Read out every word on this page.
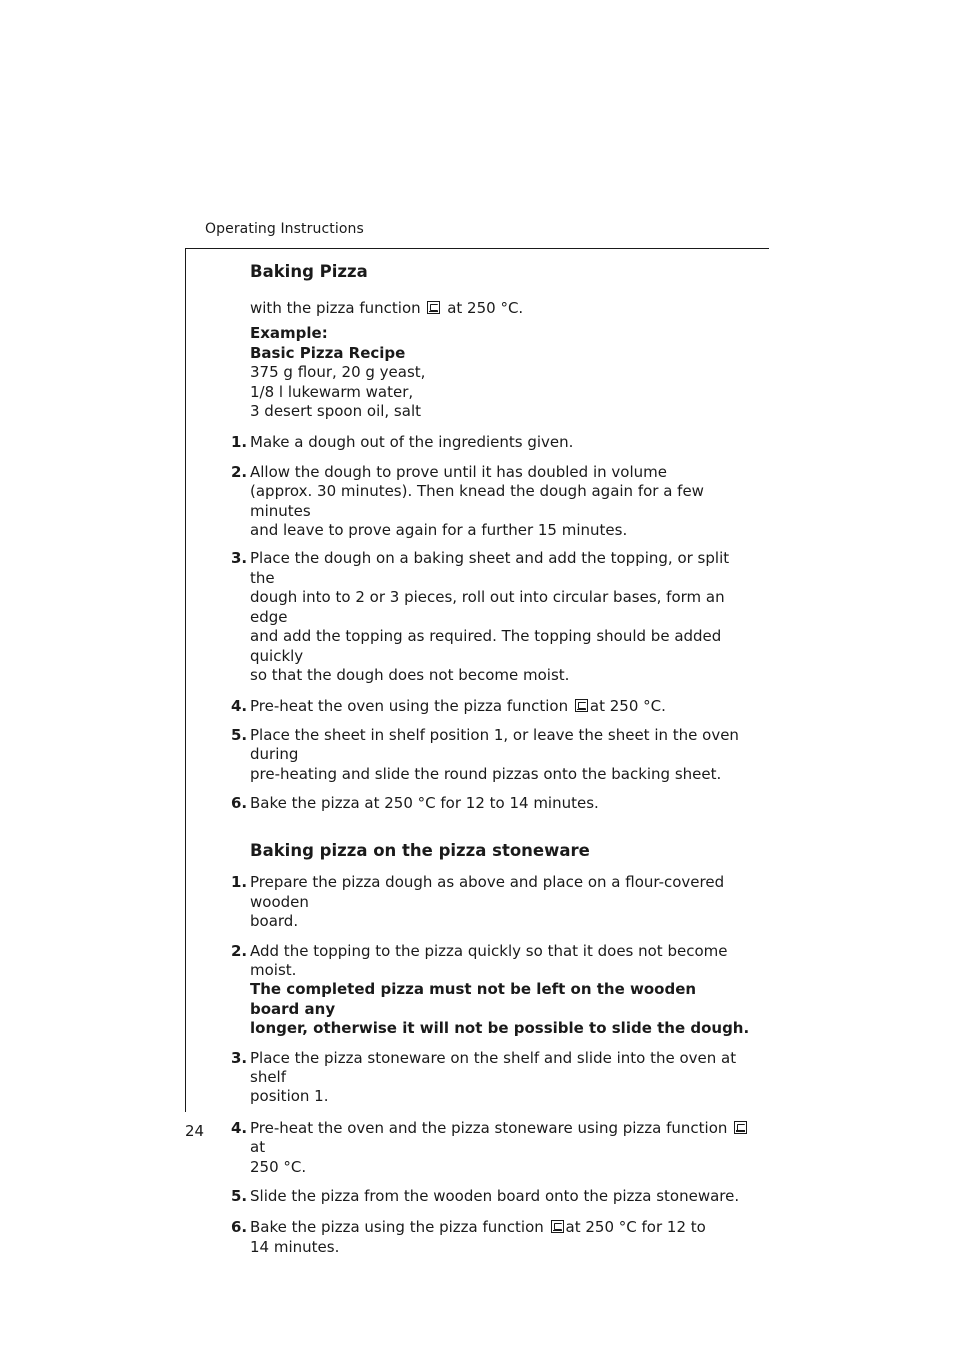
Operating Instructions
24
Baking Pizza

with the pizza function at 250 °C.

Example:

Basic Pizza Recipe

375 g flour, 20 g yeast,

1/8 l lukewarm water,

3 desert spoon oil, salt

1. Make a dough out of the ingredients given.

2. Allow the dough to prove until it has doubled in volume

(approx. 30 minutes). Then knead the dough again for a few minutes

and leave to prove again for a further 15 minutes.

3. Place the dough on a baking sheet and add the topping, or split the

dough into to 2 or 3 pieces, roll out into circular bases, form an edge

and add the topping as required. The topping should be added quickly

so that the dough does not become moist.

4. Pre-heat the oven using the pizza function at 250 °C.

5. Place the sheet in shelf position 1, or leave the sheet in the oven during

pre-heating and slide the round pizzas onto the backing sheet.

6. Bake the pizza at 250 °C for 12 to 14 minutes.

Baking pizza on the pizza stoneware
1. Prepare the pizza dough as above and place on a flour-covered wooden

board.

2. Add the topping to the pizza quickly so that it does not become moist.

The completed pizza must not be left on the wooden board any

longer, otherwise it will not be possible to slide the dough.

3. Place the pizza stoneware on the shelf and slide into the oven at shelf

position 1.

4. Pre-heat the oven and the pizza stoneware using pizza function  at

250 °C.

5. Slide the pizza from the wooden board onto the pizza stoneware.

6. Bake the pizza using the pizza function at 250 °C for 12 to

14 minutes.
